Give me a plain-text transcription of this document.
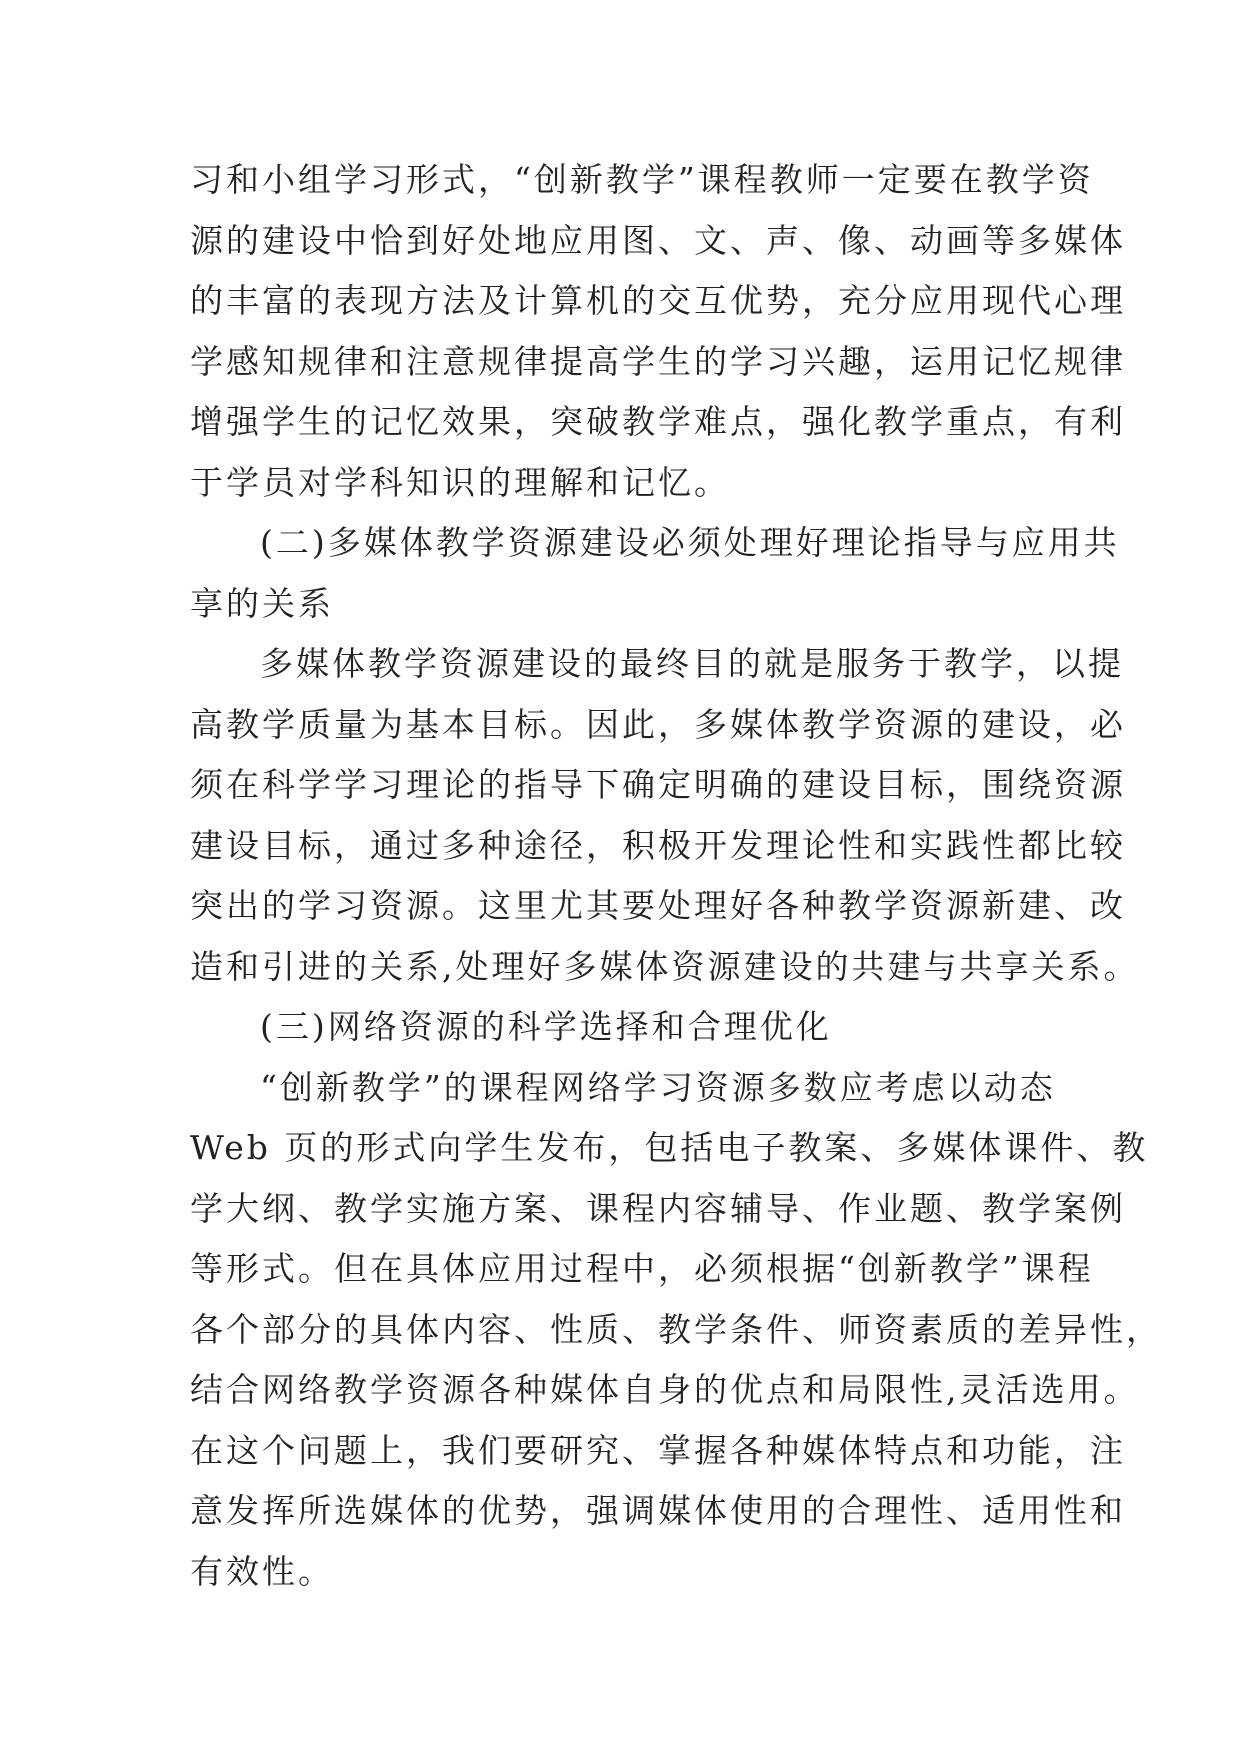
习和小组学习形式，“创新教学”课程教师一定要在教学资
源的建设中恰到好处地应用图、文、声、像、动画等多媒体
的丰富的表现方法及计算机的交互优势，充分应用现代心理
学感知规律和注意规律提高学生的学习兴趣，运用记忆规律
增强学生的记忆效果，突破教学难点，强化教学重点，有利
于学员对学科知识的理解和记忆。
(二)多媒体教学资源建设必须处理好理论指导与应用共
享的关系
多媒体教学资源建设的最终目的就是服务于教学，以提
高教学质量为基本目标。因此，多媒体教学资源的建设，必
须在科学学习理论的指导下确定明确的建设目标，围绕资源
建设目标，通过多种途径，积极开发理论性和实践性都比较
突出的学习资源。这里尤其要处理好各种教学资源新建、改
造和引进的关系,处理好多媒体资源建设的共建与共享关系。
(三)网络资源的科学选择和合理优化
“创新教学”的课程网络学习资源多数应考虑以动态
Web 页的形式向学生发布，包括电子教案、多媒体课件、教
学大纲、教学实施方案、课程内容辅导、作业题、教学案例
等形式。但在具体应用过程中，必须根据“创新教学”课程
各个部分的具体内容、性质、教学条件、师资素质的差异性，
结合网络教学资源各种媒体自身的优点和局限性,灵活选用。
在这个问题上，我们要研究、掌握各种媒体特点和功能，注
意发挥所选媒体的优势，强调媒体使用的合理性、适用性和
有效性。
